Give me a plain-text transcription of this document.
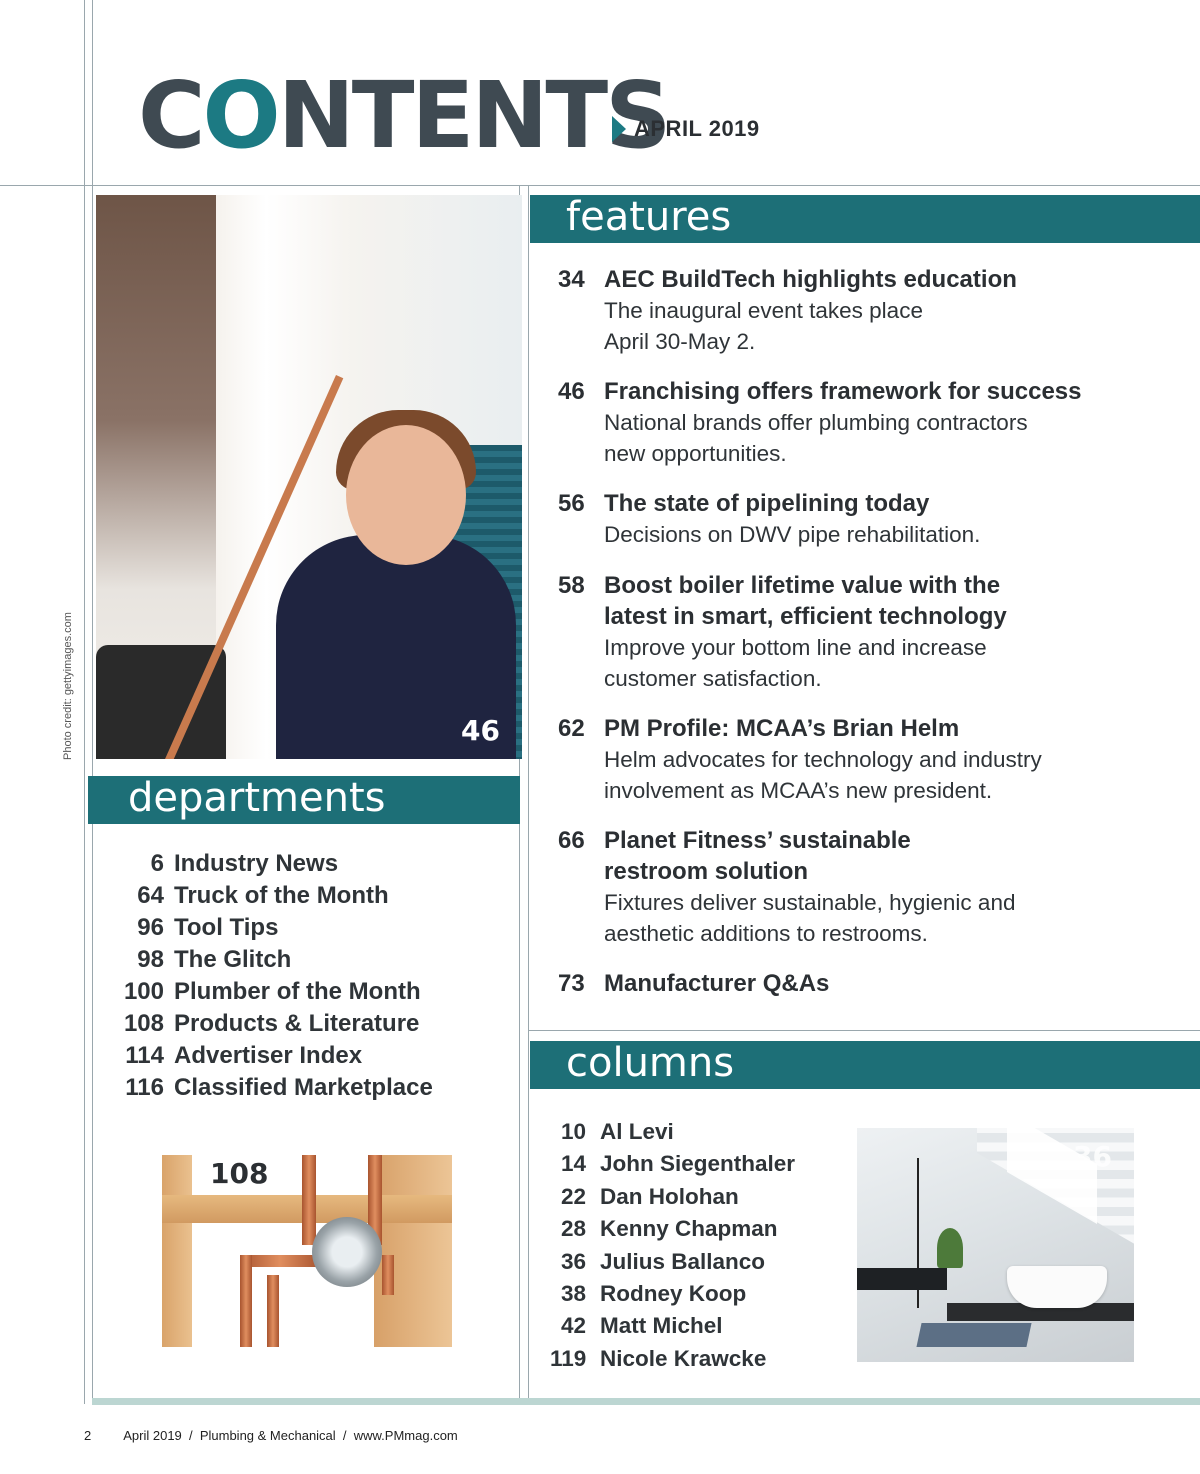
CONTENTS
APRIL 2019
46
Photo credit: gettyimages.com
features
34 AEC BuildTech highlights education
The inaugural event takes place
April 30-May 2.
46 Franchising offers framework for success
National brands offer plumbing contractors
new opportunities.
56 The state of pipelining today
Decisions on DWV pipe rehabilitation.
58 Boost boiler lifetime value with the
latest in smart, efficient technology
Improve your bottom line and increase
customer satisfaction.
62 PM Profile: MCAA’s Brian Helm
Helm advocates for technology and industry
involvement as MCAA’s new president.
66 Planet Fitness’ sustainable
restroom solution
Fixtures deliver sustainable, hygienic and
aesthetic additions to restrooms.
73 Manufacturer Q&As
departments
6 Industry News
64 Truck of the Month
96 Tool Tips
98 The Glitch
100 Plumber of the Month
108 Products & Literature
114 Advertiser Index
116 Classified Marketplace
108
columns
10 Al Levi
14 John Siegenthaler
22 Dan Holohan
28 Kenny Chapman
36 Julius Ballanco
38 Rodney Koop
42 Matt Michel
119 Nicole Krawcke
36
2 April 2019  /  Plumbing & Mechanical  /  www.PMmag.com
